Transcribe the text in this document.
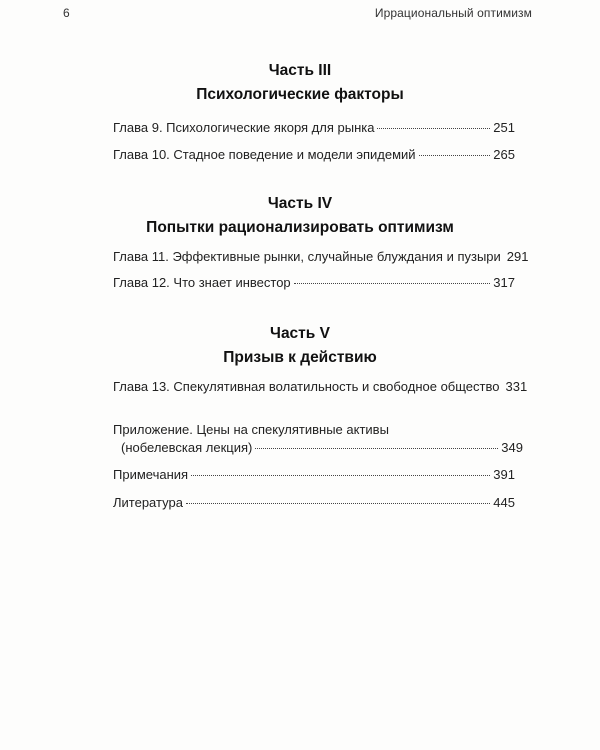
6	Иррациональный оптимизм
Часть III
Психологические факторы
Глава 9. Психологические якоря для рынка	251
Глава 10. Стадное поведение и модели эпидемий	265
Часть IV
Попытки рационализировать оптимизм
Глава 11. Эффективные рынки, случайные блуждания и пузыри 291
Глава 12. Что знает инвестор	317
Часть V
Призыв к действию
Глава 13. Спекулятивная волатильность и свободное общество 331
Приложение. Цены на спекулятивные активы
(нобелевская лекция)	349
Примечания	391
Литература	445
